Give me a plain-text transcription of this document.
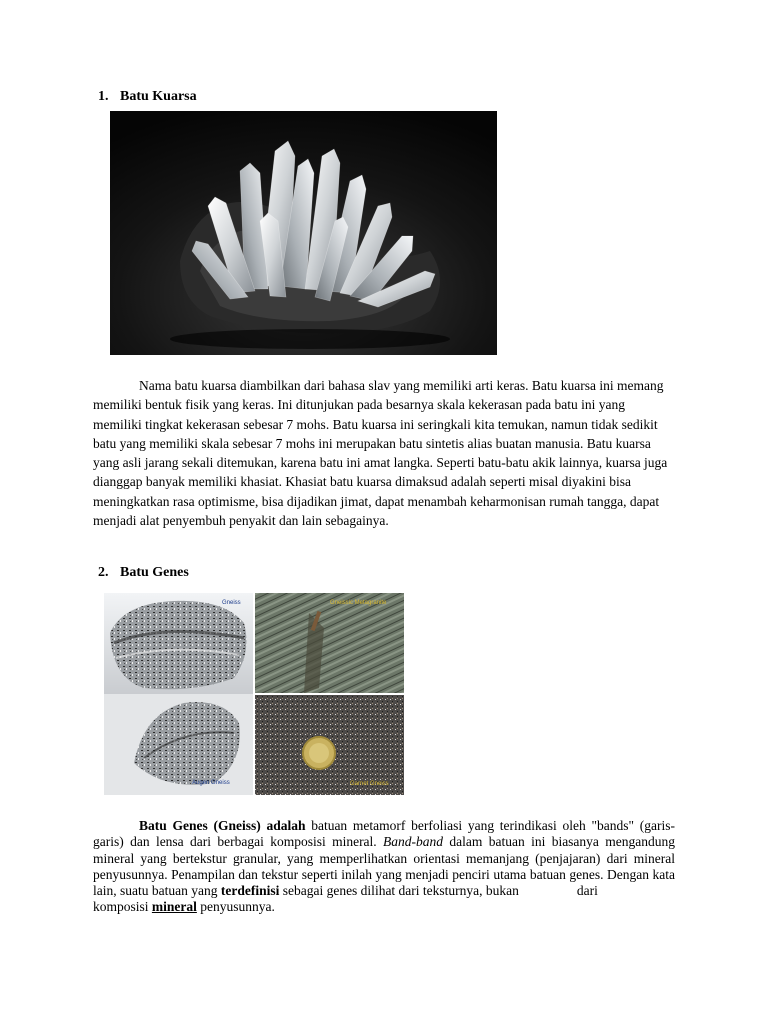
1. Batu Kuarsa

Nama batu kuarsa diambilkan dari bahasa slav yang memiliki arti keras. Batu kuarsa ini memang memiliki bentuk fisik yang keras. Ini ditunjukan pada besarnya skala kekerasan pada batu ini yang memiliki tingkat kekerasan sebesar 7 mohs. Batu kuarsa ini seringkali kita temukan, namun tidak sedikit batu yang memiliki skala sebesar 7 mohs ini merupakan batu sintetis alias buatan manusia. Batu kuarsa yang asli jarang sekali ditemukan, karena batu ini amat langka. Seperti batu-batu akik lainnya, kuarsa juga dianggap banyak memiliki khasiat. Khasiat batu kuarsa dimaksud adalah seperti misal diyakini bisa meningkatkan rasa optimisme, bisa dijadikan jimat, dapat menambah keharmonisan rumah tangga, dapat menjadi alat penyembuh penyakit dan lain sebagainya.

2. Batu Genes
Gneiss	Gneissic Metagranite
Augen Gneiss	Garnet Gneiss

Batu Genes (Gneiss) adalah batuan metamorf berfoliasi yang terindikasi oleh "bands" (garis-garis) dan lensa dari berbagai komposisi mineral. Band-band dalam batuan ini biasanya mengandung mineral yang bertekstur granular, yang memperlihatkan orientasi memanjang (penjajaran) dari mineral penyusunnya. Penampilan dan tekstur seperti inilah yang menjadi penciri utama batuan genes. Dengan kata lain, suatu batuan yang terdefinisi sebagai genes dilihat dari teksturnya, bukan	dari

komposisi mineral penyusunnya.
